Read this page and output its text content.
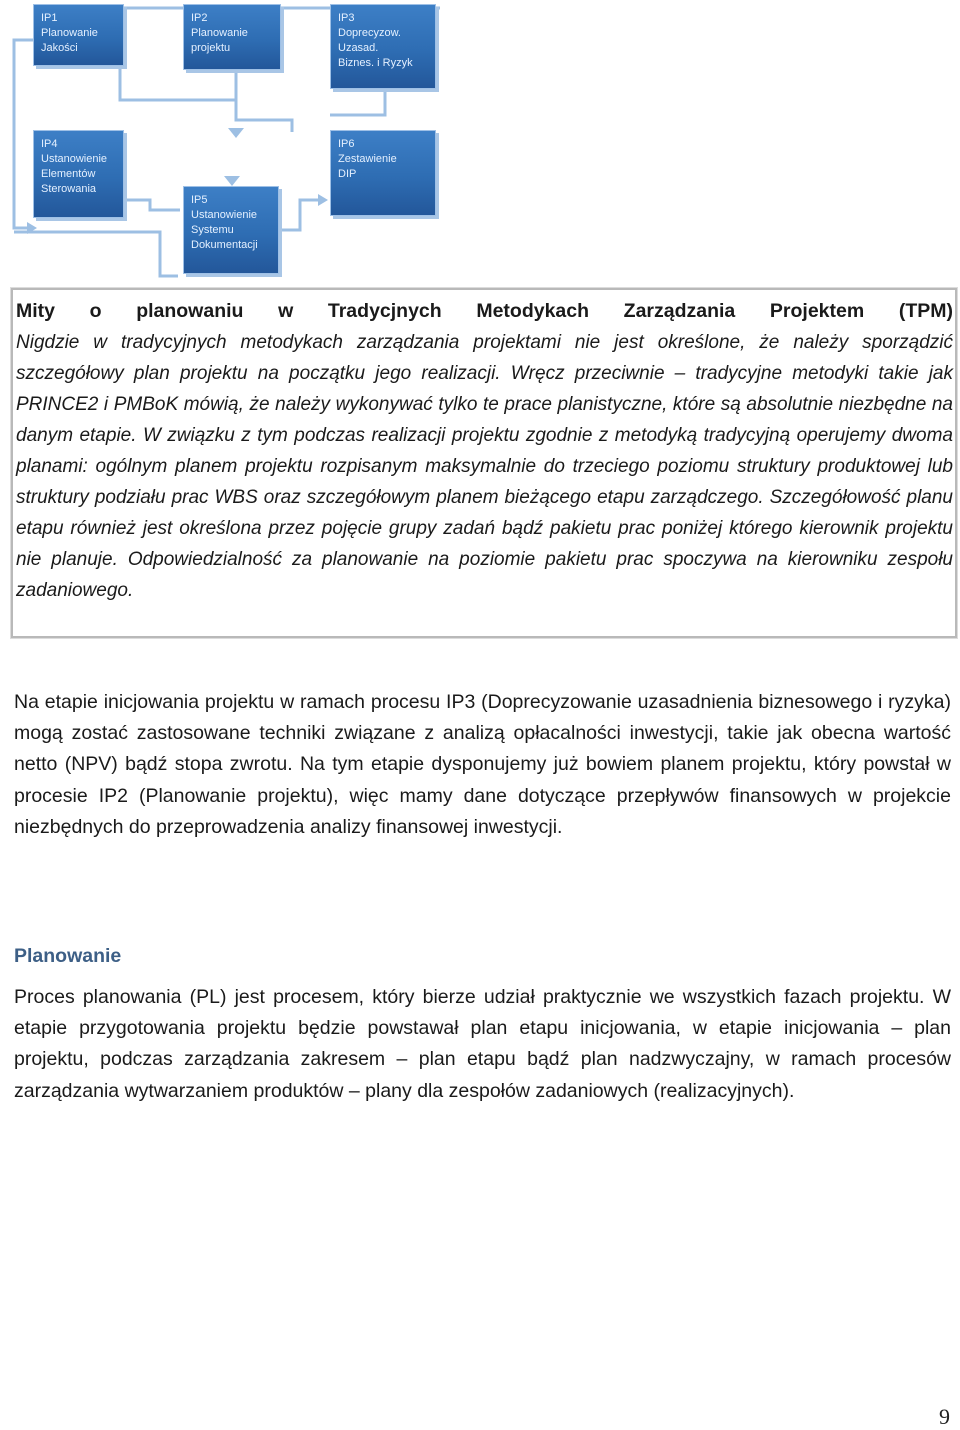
IP1
Planowanie
Jakości
IP2
Planowanie
projektu
IP3
Doprecyzow.
Uzasad.
Biznes. i Ryzyk
IP4
Ustanowienie
Elementów
Sterowania
IP5
Ustanowienie
Systemu
Dokumentacji
IP6
Zestawienie
DIP

Mity o planowaniu w Tradycjnych Metodykach Zarządzania Projektem (TPM)

Nigdzie w tradycyjnych metodykach zarządzania projektami nie jest określone, że należy sporządzić szczegółowy plan projektu na początku jego realizacji. Wręcz przeciwnie – tradycyjne metodyki takie jak PRINCE2 i PMBoK mówią, że należy wykonywać tylko te prace planistyczne, które są absolutnie niezbędne na danym etapie. W związku z tym podczas realizacji projektu zgodnie z metodyką tradycyjną operujemy dwoma planami: ogólnym planem projektu rozpisanym maksymalnie do trzeciego poziomu struktury produktowej lub struktury podziału prac WBS oraz szczegółowym planem bieżącego etapu zarządczego. Szczegółowość planu etapu również jest określona przez pojęcie grupy zadań bądź pakietu prac poniżej którego kierownik projektu nie planuje. Odpowiedzialność za planowanie na poziomie pakietu prac spoczywa na kierowniku zespołu zadaniowego.

Na etapie inicjowania projektu w ramach procesu IP3 (Doprecyzowanie uzasadnienia biznesowego i ryzyka) mogą zostać zastosowane techniki związane z analizą opłacalności inwestycji, takie jak obecna wartość netto (NPV) bądź stopa zwrotu. Na tym etapie dysponujemy już bowiem planem projektu, który powstał w procesie IP2 (Planowanie projektu), więc mamy dane dotyczące przepływów finansowych w projekcie niezbędnych do przeprowadzenia analizy finansowej inwestycji.

Planowanie

Proces planowania (PL) jest procesem, który bierze udział praktycznie we wszystkich fazach projektu. W etapie przygotowania projektu będzie powstawał plan etapu inicjowania, w etapie inicjowania – plan projektu, podczas zarządzania zakresem – plan etapu bądź plan nadzwyczajny, w ramach procesów zarządzania wytwarzaniem produktów – plany dla zespołów zadaniowych (realizacyjnych).

9
